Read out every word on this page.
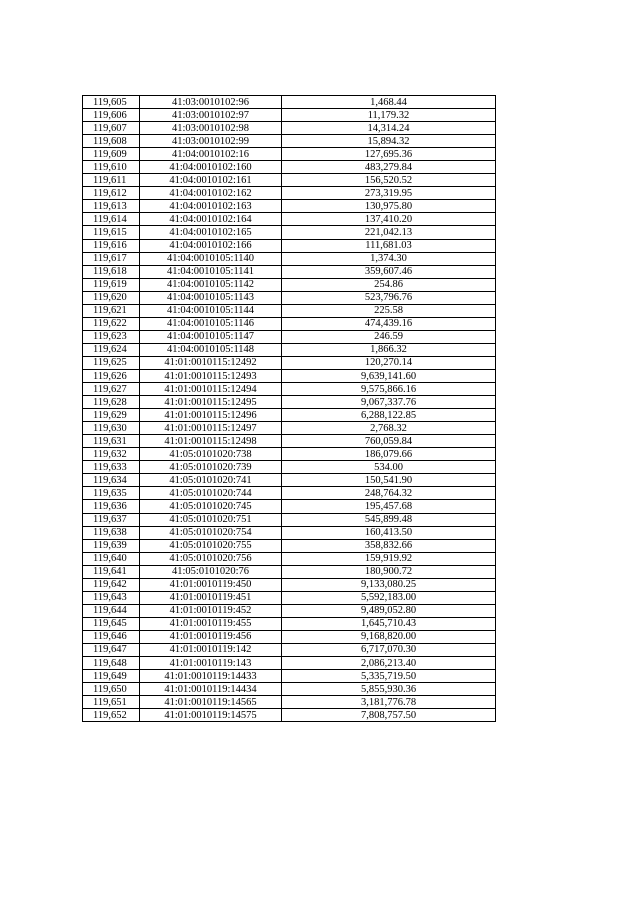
119,605	41:03:0010102:96	1,468.44
119,606	41:03:0010102:97	11,179.32
119,607	41:03:0010102:98	14,314.24
119,608	41:03:0010102:99	15,894.32
119,609	41:04:0010102:16	127,695.36
119,610	41:04:0010102:160	483,279.84
119,611	41:04:0010102:161	156,520.52
119,612	41:04:0010102:162	273,319.95
119,613	41:04:0010102:163	130,975.80
119,614	41:04:0010102:164	137,410.20
119,615	41:04:0010102:165	221,042.13
119,616	41:04:0010102:166	111,681.03
119,617	41:04:0010105:1140	1,374.30
119,618	41:04:0010105:1141	359,607.46
119,619	41:04:0010105:1142	254.86
119,620	41:04:0010105:1143	523,796.76
119,621	41:04:0010105:1144	225.58
119,622	41:04:0010105:1146	474,439.16
119,623	41:04:0010105:1147	246.59
119,624	41:04:0010105:1148	1,866.32
119,625	41:01:0010115:12492	120,270.14
119,626	41:01:0010115:12493	9,639,141.60
119,627	41:01:0010115:12494	9,575,866.16
119,628	41:01:0010115:12495	9,067,337.76
119,629	41:01:0010115:12496	6,288,122.85
119,630	41:01:0010115:12497	2,768.32
119,631	41:01:0010115:12498	760,059.84
119,632	41:05:0101020:738	186,079.66
119,633	41:05:0101020:739	534.00
119,634	41:05:0101020:741	150,541.90
119,635	41:05:0101020:744	248,764.32
119,636	41:05:0101020:745	195,457.68
119,637	41:05:0101020:751	545,899.48
119,638	41:05:0101020:754	160,413.50
119,639	41:05:0101020:755	358,832.66
119,640	41:05:0101020:756	159,919.92
119,641	41:05:0101020:76	180,900.72
119,642	41:01:0010119:450	9,133,080.25
119,643	41:01:0010119:451	5,592,183.00
119,644	41:01:0010119:452	9,489,052.80
119,645	41:01:0010119:455	1,645,710.43
119,646	41:01:0010119:456	9,168,820.00
119,647	41:01:0010119:142	6,717,070.30
119,648	41:01:0010119:143	2,086,213.40
119,649	41:01:0010119:14433	5,335,719.50
119,650	41:01:0010119:14434	5,855,930.36
119,651	41:01:0010119:14565	3,181,776.78
119,652	41:01:0010119:14575	7,808,757.50
